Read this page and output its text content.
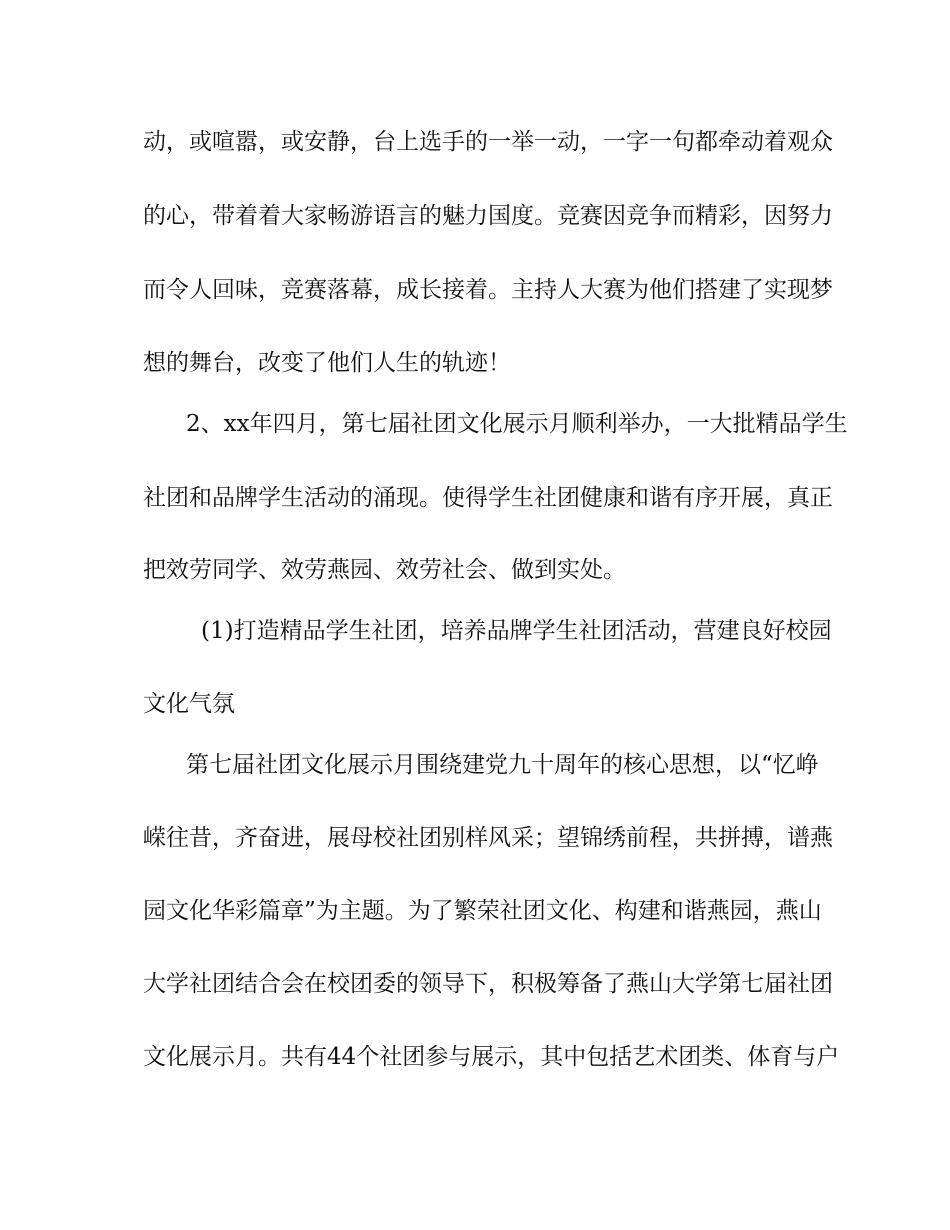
动，或喧嚣，或安静，台上选手的一举一动，一字一句都牵动着观众
的心，带着着大家畅游语言的魅力国度。竞赛因竞争而精彩，因努力
而令人回味，竞赛落幕，成长接着。主持人大赛为他们搭建了实现梦
想的舞台，改变了他们人生的轨迹！
2、xx年四月，第七届社团文化展示月顺利举办，一大批精品学生
社团和品牌学生活动的涌现。使得学生社团健康和谐有序开展，真正
把效劳同学、效劳燕园、效劳社会、做到实处。
(1)打造精品学生社团，培养品牌学生社团活动，营建良好校园
文化气氛
第七届社团文化展示月围绕建党九十周年的核心思想，以“忆峥
嵘往昔，齐奋进，展母校社团别样风采；望锦绣前程，共拼搏，谱燕
园文化华彩篇章”为主题。为了繁荣社团文化、构建和谐燕园，燕山
大学社团结合会在校团委的领导下，积极筹备了燕山大学第七届社团
文化展示月。共有44个社团参与展示，其中包括艺术团类、体育与户
